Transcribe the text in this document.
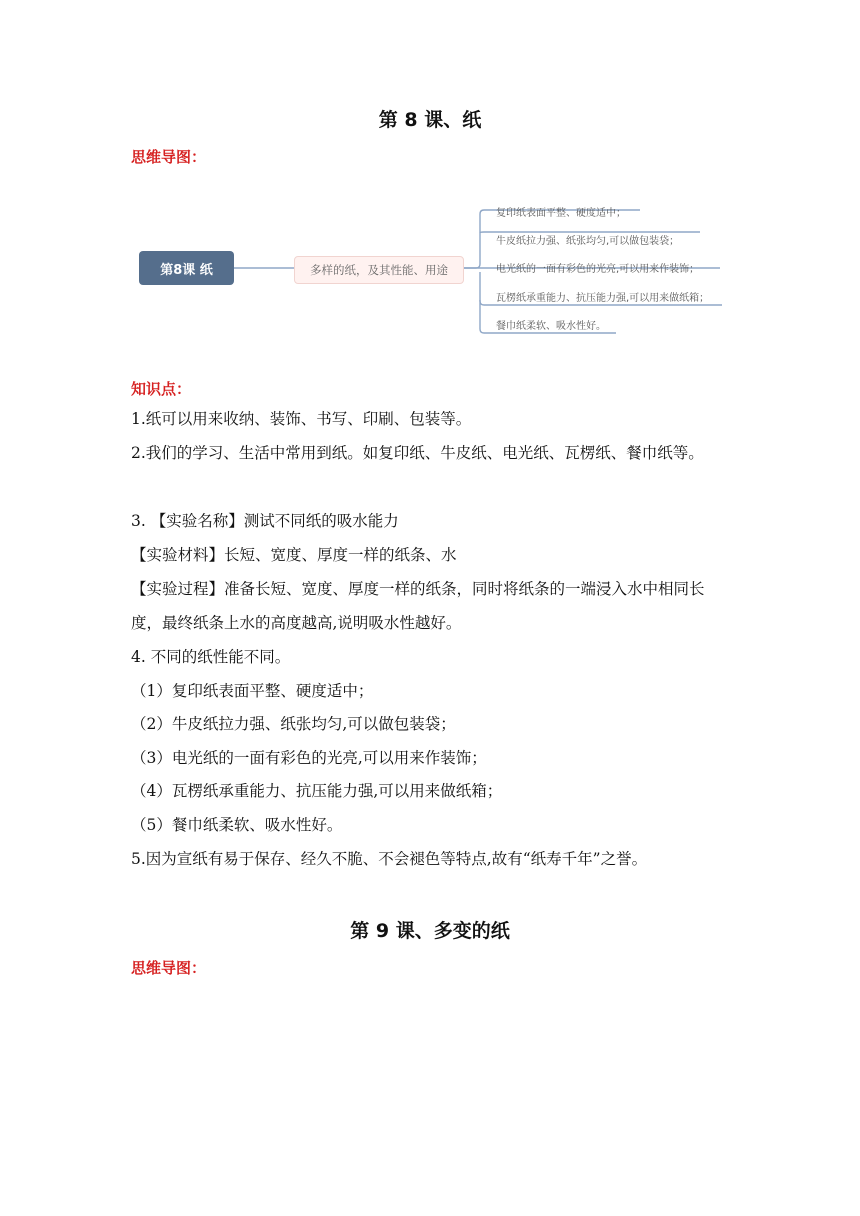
第 8 课、纸
思维导图：
第8课 纸	多样的纸，及其性能、用途
复印纸表面平整、硬度适中；
牛皮纸拉力强、纸张均匀,可以做包装袋；
电光纸的一面有彩色的光亮,可以用来作装饰；
瓦楞纸承重能力、抗压能力强,可以用来做纸箱；
餐巾纸柔软、吸水性好。
知识点：
1.纸可以用来收纳、装饰、书写、印刷、包装等。
2.我们的学习、生活中常用到纸。如复印纸、牛皮纸、电光纸、瓦楞纸、餐巾纸等。
3. 【实验名称】测试不同纸的吸水能力
【实验材料】长短、宽度、厚度一样的纸条、水
【实验过程】准备长短、宽度、厚度一样的纸条，同时将纸条的一端浸入水中相同长度，最终纸条上水的高度越高,说明吸水性越好。
4. 不同的纸性能不同。
（1）复印纸表面平整、硬度适中；
（2）牛皮纸拉力强、纸张均匀,可以做包装袋；
（3）电光纸的一面有彩色的光亮,可以用来作装饰；
（4）瓦楞纸承重能力、抗压能力强,可以用来做纸箱；
（5）餐巾纸柔软、吸水性好。
5.因为宣纸有易于保存、经久不脆、不会褪色等特点,故有“纸寿千年”之誉。
第 9 课、多变的纸
思维导图：
